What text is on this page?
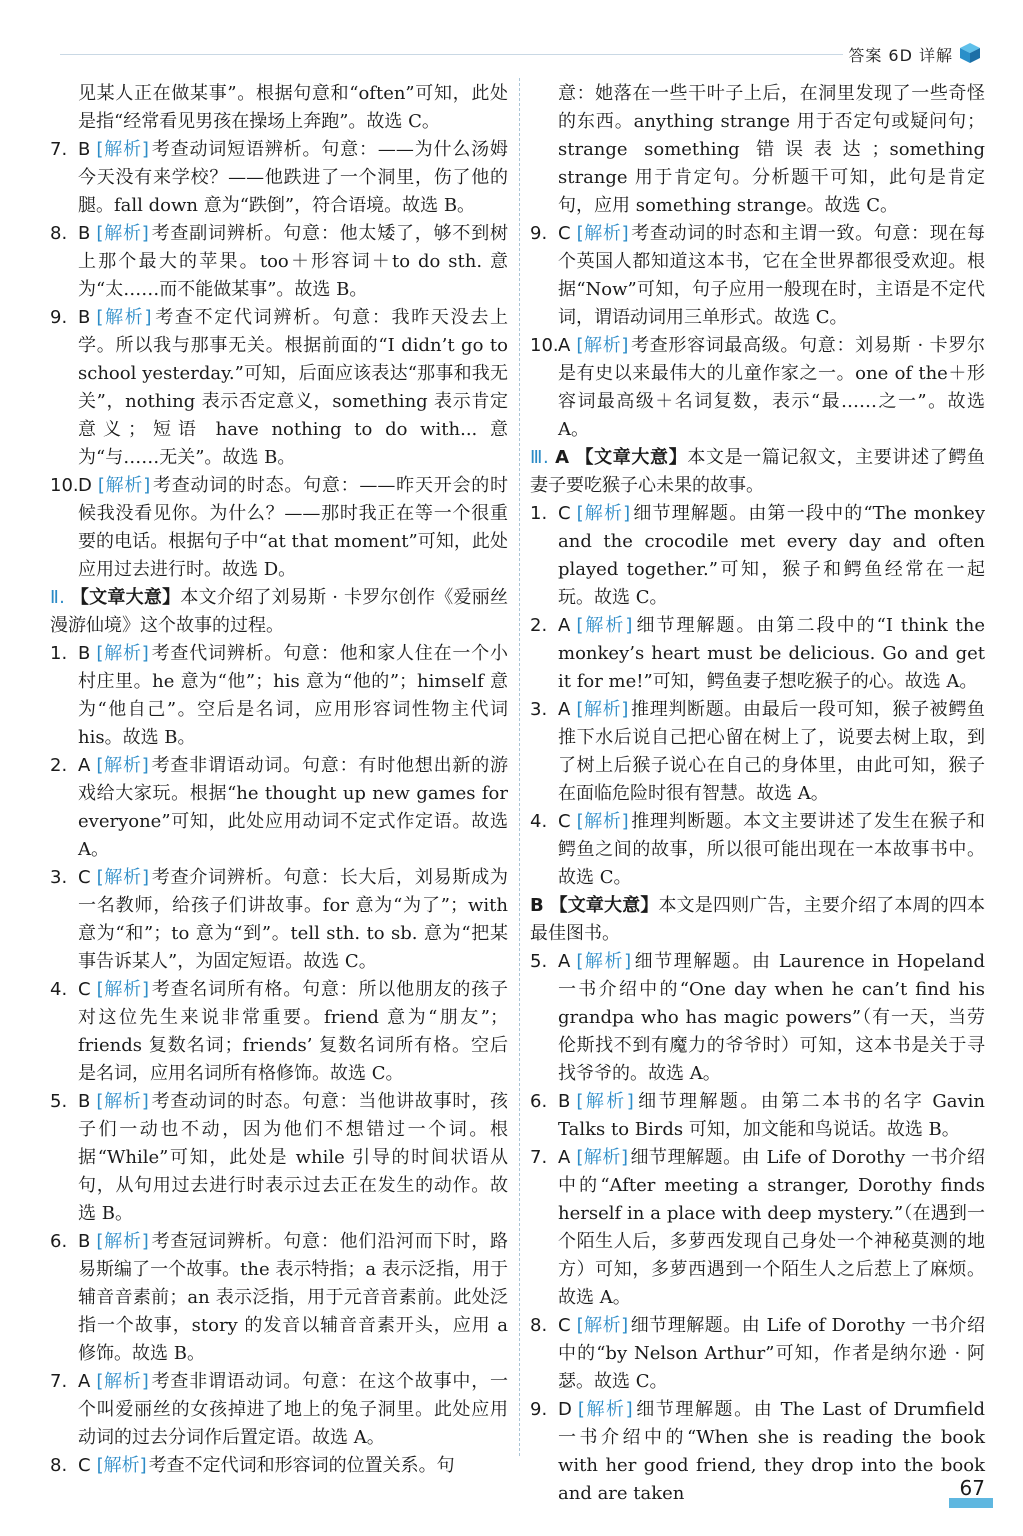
答案 6D 详解
见某人正在做某事”。根据句意和“often”可知，此处是指“经常看见男孩在操场上奔跑”。故选 C。
7. B [ 解析 ] 考查动词短语辨析。句意：——为什么汤姆今天没有来学校？——他跌进了一个洞里，伤了他的腿。fall down 意为“跌倒”，符合语境。故选 B。
8. B [ 解析 ] 考查副词辨析。句意：他太矮了，够不到树上那个最大的苹果。too＋形容词＋to do sth. 意为“太……而不能做某事”。故选 B。
9. B [ 解析 ] 考查不定代词辨析。句意：我昨天没去上学。所以我与那事无关。根据前面的“I didn’t go to school yesterday.”可知，后面应该表达“那事和我无关”，nothing 表示否定意义，something 表示肯定意义；短语 have nothing to do with... 意为“与……无关”。故选 B。
10. D [ 解析 ] 考查动词的时态。句意：——昨天开会的时候我没看见你。为什么？——那时我正在等一个很重要的电话。根据句子中“at that moment”可知，此处应用过去进行时。故选 D。
Ⅱ. 【文章大意】本文介绍了刘易斯 · 卡罗尔创作《爱丽丝漫游仙境》这个故事的过程。
1. B [ 解析 ] 考查代词辨析。句意：他和家人住在一个小村庄里。he 意为“他”；his 意为“他的”；himself 意为“他自己”。空后是名词，应用形容词性物主代词 his。故选 B。
2. A [ 解析 ] 考查非谓语动词。句意：有时他想出新的游戏给大家玩。根据“he thought up new games for everyone”可知，此处应用动词不定式作定语。故选 A。
3. C [ 解析 ] 考查介词辨析。句意：长大后，刘易斯成为一名教师，给孩子们讲故事。for 意为“为了”；with 意为“和”；to 意为“到”。tell sth. to sb. 意为“把某事告诉某人”，为固定短语。故选 C。
4. C [ 解析 ] 考查名词所有格。句意：所以他朋友的孩子对这位先生来说非常重要。friend 意为“朋友”；friends 复数名词；friends’ 复数名词所有格。空后是名词，应用名词所有格修饰。故选 C。
5. B [ 解析 ] 考查动词的时态。句意：当他讲故事时，孩子们一动也不动，因为他们不想错过一个词。根据“While”可知，此处是 while 引导的时间状语从句，从句用过去进行时表示过去正在发生的动作。故选 B。
6. B [ 解析 ] 考查冠词辨析。句意：他们沿河而下时，路易斯编了一个故事。the 表示特指；a 表示泛指，用于辅音音素前；an 表示泛指，用于元音音素前。此处泛指一个故事，story 的发音以辅音音素开头，应用 a 修饰。故选 B。
7. A [ 解析 ] 考查非谓语动词。句意：在这个故事中，一个叫爱丽丝的女孩掉进了地上的兔子洞里。此处应用动词的过去分词作后置定语。故选 A。
8. C [ 解析 ] 考查不定代词和形容词的位置关系。句
意：她落在一些干叶子上后，在洞里发现了一些奇怪的东西。anything strange 用于否定句或疑问句；strange something 错误表达；something strange 用于肯定句。分析题干可知，此句是肯定句，应用 something strange。故选 C。
9. C [ 解析 ] 考查动词的时态和主谓一致。句意：现在每个英国人都知道这本书，它在全世界都很受欢迎。根据“Now”可知，句子应用一般现在时，主语是不定代词，谓语动词用三单形式。故选 C。
10. A [ 解析 ] 考查形容词最高级。句意：刘易斯 · 卡罗尔是有史以来最伟大的儿童作家之一。one of the＋形容词最高级＋名词复数，表示“最……之一”。故选 A。
Ⅲ. A 【文章大意】本文是一篇记叙文，主要讲述了鳄鱼妻子要吃猴子心未果的故事。
1. C [ 解析 ] 细节理解题。由第一段中的“The monkey and the crocodile met every day and often played together.”可知，猴子和鳄鱼经常在一起玩。故选 C。
2. A [ 解析 ] 细节理解题。由第二段中的“I think the monkey’s heart must be delicious. Go and get it for me!”可知，鳄鱼妻子想吃猴子的心。故选 A。
3. A [ 解析 ] 推理判断题。由最后一段可知，猴子被鳄鱼推下水后说自己把心留在树上了，说要去树上取，到了树上后猴子说心在自己的身体里，由此可知，猴子在面临危险时很有智慧。故选 A。
4. C [ 解析 ] 推理判断题。本文主要讲述了发生在猴子和鳄鱼之间的故事，所以很可能出现在一本故事书中。故选 C。
B 【文章大意】本文是四则广告，主要介绍了本周的四本最佳图书。
5. A [ 解析 ] 细节理解题。由 Laurence in Hopeland 一书介绍中的“One day when he can’t find his grandpa who has magic powers”（有一天，当劳伦斯找不到有魔力的爷爷时）可知，这本书是关于寻找爷爷的。故选 A。
6. B [ 解析 ] 细节理解题。由第二本书的名字 Gavin Talks to Birds 可知，加文能和鸟说话。故选 B。
7. A [ 解析 ] 细节理解题。由 Life of Dorothy 一书介绍中的“After meeting a stranger, Dorothy finds herself in a place with deep mystery.”（在遇到一个陌生人后，多萝西发现自己身处一个神秘莫测的地方）可知，多萝西遇到一个陌生人之后惹上了麻烦。故选 A。
8. C [ 解析 ] 细节理解题。由 Life of Dorothy 一书介绍中的“by Nelson Arthur”可知，作者是纳尔逊 · 阿瑟。故选 C。
9. D [ 解析 ] 细节理解题。由 The Last of Drumfield 一书介绍中的“When she is reading the book with her good friend, they drop into the book and are taken	67
